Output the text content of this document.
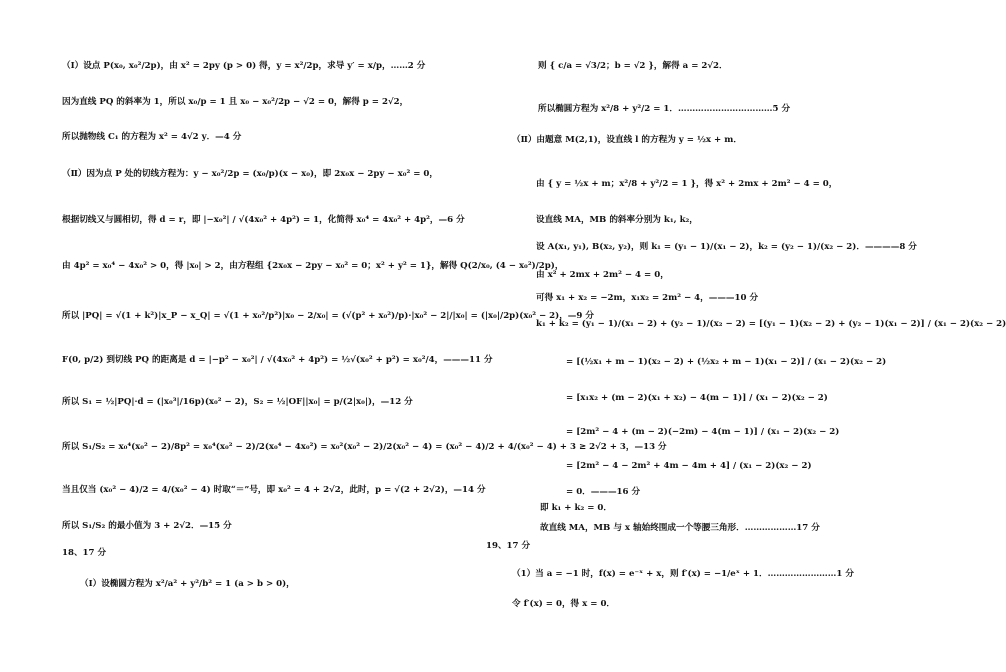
（Ⅰ）设点 P(x₀, x₀²/2p)，由 x² = 2py (p > 0) 得，y = x²/2p，求导 y′ = x/p，……2 分
因为直线 PQ 的斜率为 1，所以 x₀/p = 1 且 x₀ − x₀²/2p − √2 = 0，解得 p = 2√2，
所以抛物线 C₁ 的方程为 x² = 4√2 y．—4 分
（Ⅱ）因为点 P 处的切线方程为：y − x₀²/2p = (x₀/p)(x − x₀)，即 2x₀x − 2py − x₀² = 0，
根据切线又与圆相切，得 d = r，即 |−x₀²| / √(4x₀² + 4p²) = 1，化简得 x₀⁴ = 4x₀² + 4p²，—6 分
由 4p² = x₀⁴ − 4x₀² > 0，得 |x₀| > 2，由方程组 {2x₀x − 2py − x₀² = 0；x² + y² = 1}，解得 Q(2/x₀, (4 − x₀²)/2p)，
所以 |PQ| = √(1 + k²)|x_P − x_Q| = √(1 + x₀²/p²)|x₀ − 2/x₀| = (√(p² + x₀²)/p)·|x₀² − 2|/|x₀| = (|x₀|/2p)(x₀² − 2)，—9 分
F(0, p/2) 到切线 PQ 的距离是 d = |−p² − x₀²| / √(4x₀² + 4p²) = ½√(x₀² + p²) = x₀²/4，———11 分
所以 S₁ = ½|PQ|·d = (|x₀³|/16p)(x₀² − 2)，S₂ = ½|OF||x₀| = p/(2|x₀|)，—12 分
所以 S₁/S₂ = x₀⁴(x₀² − 2)/8p² = x₀⁴(x₀² − 2)/2(x₀⁴ − 4x₀²) = x₀²(x₀² − 2)/2(x₀² − 4) = (x₀² − 4)/2 + 4/(x₀² − 4) + 3 ≥ 2√2 + 3，—13 分
当且仅当 (x₀² − 4)/2 = 4/(x₀² − 4) 时取“＝”号，即 x₀² = 4 + 2√2，此时，p = √(2 + 2√2)，—14 分
所以 S₁/S₂ 的最小值为 3 + 2√2．—15 分
18、17 分
（Ⅰ）设椭圆方程为 x²/a² + y²/b² = 1 (a > b > 0)，
则 { c/a = √3/2；b = √2 }，解得 a = 2√2．
所以椭圆方程为 x²/8 + y²/2 = 1．……………………………5 分
（Ⅱ）由题意 M(2,1)，设直线 l 的方程为 y = ½x + m．
由 { y = ½x + m；x²/8 + y²/2 = 1 }，得 x² + 2mx + 2m² − 4 = 0，
设直线 MA，MB 的斜率分别为 k₁, k₂，
设 A(x₁, y₁), B(x₂, y₂)，则 k₁ = (y₁ − 1)/(x₁ − 2)，k₂ = (y₂ − 1)/(x₂ − 2)．————8 分
由 x² + 2mx + 2m² − 4 = 0，
可得 x₁ + x₂ = −2m，x₁x₂ = 2m² − 4，———10 分
k₁ + k₂ = (y₁ − 1)/(x₁ − 2) + (y₂ − 1)/(x₂ − 2) = [(y₁ − 1)(x₂ − 2) + (y₂ − 1)(x₁ − 2)] / (x₁ − 2)(x₂ − 2)
= [(½x₁ + m − 1)(x₂ − 2) + (½x₂ + m − 1)(x₁ − 2)] / (x₁ − 2)(x₂ − 2)
= [x₁x₂ + (m − 2)(x₁ + x₂) − 4(m − 1)] / (x₁ − 2)(x₂ − 2)
= [2m² − 4 + (m − 2)(−2m) − 4(m − 1)] / (x₁ − 2)(x₂ − 2)
= [2m² − 4 − 2m² + 4m − 4m + 4] / (x₁ − 2)(x₂ − 2)
= 0．———16 分
即 k₁ + k₂ = 0．
故直线 MA，MB 与 x 轴始终围成一个等腰三角形．………………17 分
19、17 分
（1）当 a = −1 时，f(x) = e⁻ˣ + x，则 f′(x) = −1/eˣ + 1．……………………1 分
令 f′(x) = 0，得 x = 0．
